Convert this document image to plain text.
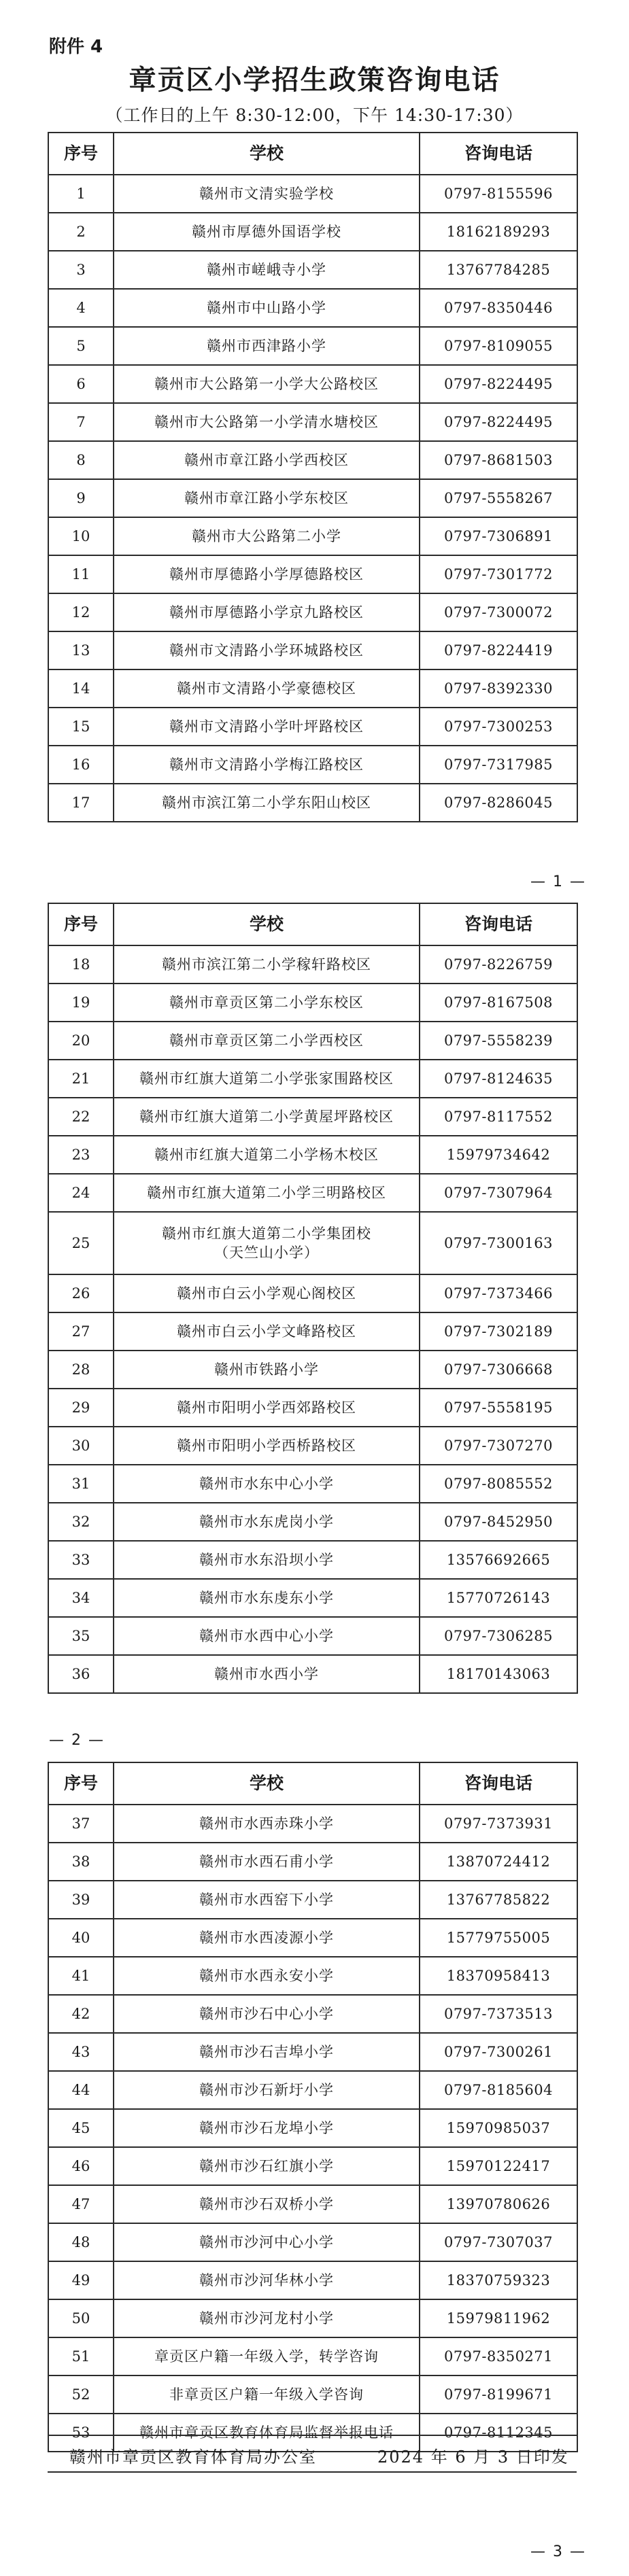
附件 4
章贡区小学招生政策咨询电话
（工作日的上午 8:30-12:00，下午 14:30-17:30）
序号	学校	咨询电话
1	赣州市文清实验学校	0797-8155596
2	赣州市厚德外国语学校	18162189293
3	赣州市嵯峨寺小学	13767784285
4	赣州市中山路小学	0797-8350446
5	赣州市西津路小学	0797-8109055
6	赣州市大公路第一小学大公路校区	0797-8224495
7	赣州市大公路第一小学清水塘校区	0797-8224495
8	赣州市章江路小学西校区	0797-8681503
9	赣州市章江路小学东校区	0797-5558267
10	赣州市大公路第二小学	0797-7306891
11	赣州市厚德路小学厚德路校区	0797-7301772
12	赣州市厚德路小学京九路校区	0797-7300072
13	赣州市文清路小学环城路校区	0797-8224419
14	赣州市文清路小学豪德校区	0797-8392330
15	赣州市文清路小学叶坪路校区	0797-7300253
16	赣州市文清路小学梅江路校区	0797-7317985
17	赣州市滨江第二小学东阳山校区	0797-8286045
— 1 —
序号	学校	咨询电话
18	赣州市滨江第二小学稼轩路校区	0797-8226759
19	赣州市章贡区第二小学东校区	0797-8167508
20	赣州市章贡区第二小学西校区	0797-5558239
21	赣州市红旗大道第二小学张家围路校区	0797-8124635
22	赣州市红旗大道第二小学黄屋坪路校区	0797-8117552
23	赣州市红旗大道第二小学杨木校区	15979734642
24	赣州市红旗大道第二小学三明路校区	0797-7307964
25	赣州市红旗大道第二小学集团校
（天竺山小学）	0797-7300163
26	赣州市白云小学观心阁校区	0797-7373466
27	赣州市白云小学文峰路校区	0797-7302189
28	赣州市铁路小学	0797-7306668
29	赣州市阳明小学西郊路校区	0797-5558195
30	赣州市阳明小学西桥路校区	0797-7307270
31	赣州市水东中心小学	0797-8085552
32	赣州市水东虎岗小学	0797-8452950
33	赣州市水东沿坝小学	13576692665
34	赣州市水东虔东小学	15770726143
35	赣州市水西中心小学	0797-7306285
36	赣州市水西小学	18170143063
— 2 —
序号	学校	咨询电话
37	赣州市水西赤珠小学	0797-7373931
38	赣州市水西石甫小学	13870724412
39	赣州市水西窑下小学	13767785822
40	赣州市水西凌源小学	15779755005
41	赣州市水西永安小学	18370958413
42	赣州市沙石中心小学	0797-7373513
43	赣州市沙石吉埠小学	0797-7300261
44	赣州市沙石新圩小学	0797-8185604
45	赣州市沙石龙埠小学	15970985037
46	赣州市沙石红旗小学	15970122417
47	赣州市沙石双桥小学	13970780626
48	赣州市沙河中心小学	0797-7307037
49	赣州市沙河华林小学	18370759323
50	赣州市沙河龙村小学	15979811962
51	章贡区户籍一年级入学，转学咨询	0797-8350271
52	非章贡区户籍一年级入学咨询	0797-8199671
53	赣州市章贡区教育体育局监督举报电话	0797-8112345
赣州市章贡区教育体育局办公室	2024 年 6 月 3 日印发
— 3 —
